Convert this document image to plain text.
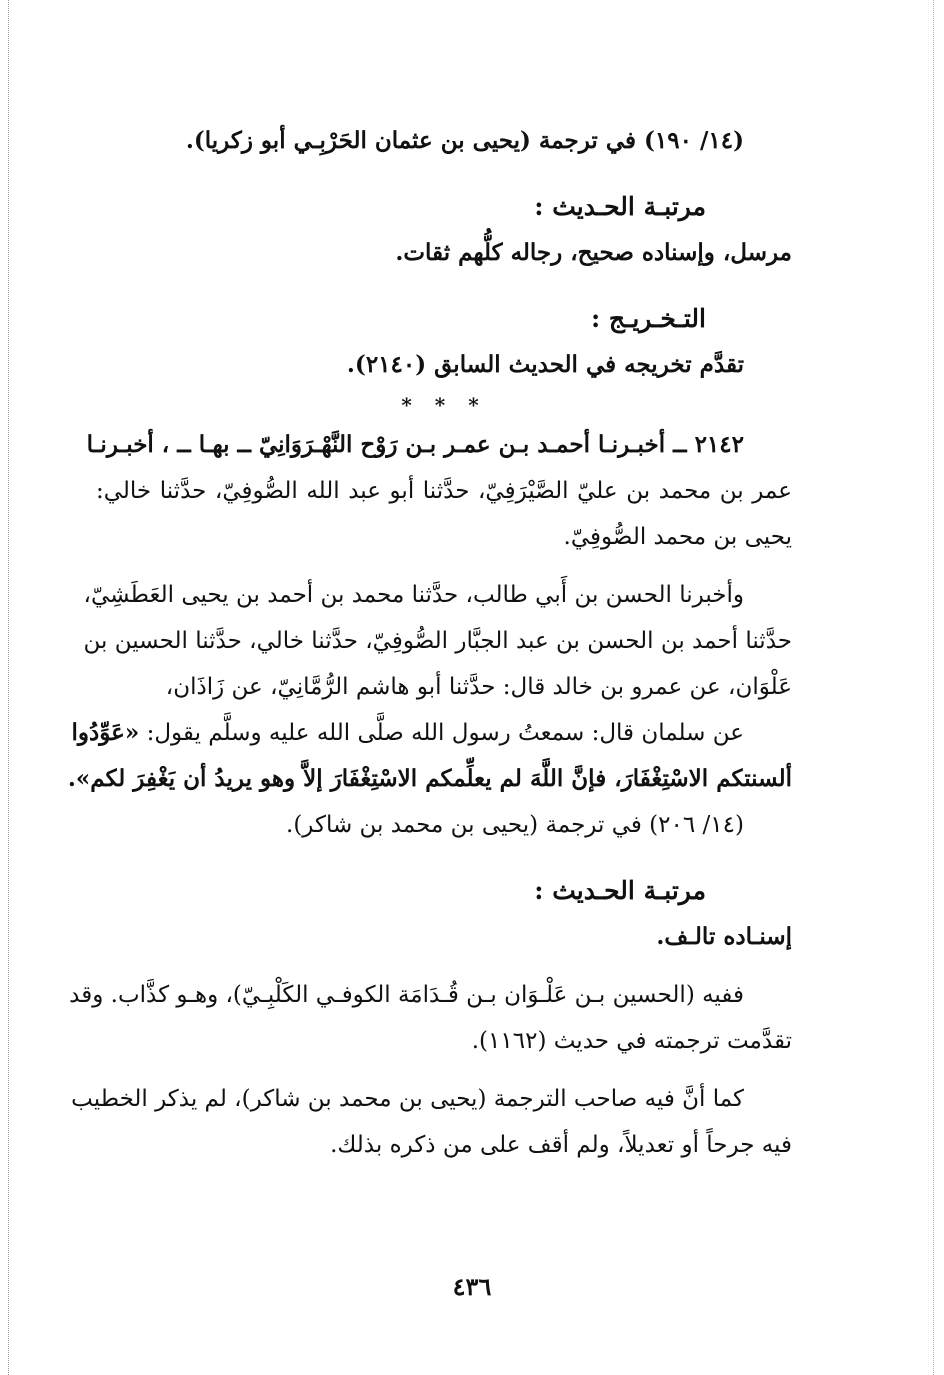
(١٤/ ١٩٠) في ترجمة (يحيى بن عثمان الحَرْبِـي أبو زكريا).
مرتبـة الحـديث :
مرسل، وإسناده صحيح، رجاله كلُّهم ثقات.
التـخـريـج :
تقدَّم تخريجه في الحديث السابق (٢١٤٠).
* * *
٢١٤٢ ــ أخبـرنـا أحمـد بـن عمـر بـن رَوْح النَّهْـرَوَانِيّ ــ بهـا ــ ، أخبـرنـا
عمر بن محمد بن عليّ الصَّيْرَفِيّ، حدَّثنا أبو عبد الله الصُّوفِيّ، حدَّثنا خالي:
يحيى بن محمد الصُّوفِيّ.
وأخبرنا الحسن بن أَبي طالب، حدَّثنا محمد بن أحمد بن يحيى العَطَشِيّ،
حدَّثنا أحمد بن الحسن بن عبد الجبَّار الصُّوفِيّ، حدَّثنا خالي، حدَّثنا الحسين بن
عَلْوَان، عن عمرو بن خالد قال: حدَّثنا أبو هاشم الرُّمَّانِيّ، عن زَاذَان،
عن سلمان قال: سمعتُ رسول الله صلَّى الله عليه وسلَّم يقول: «عَوِّدُوا
ألسنتكم الاسْتِغْفَارَ، فإنَّ اللَّهَ لم يعلِّمكم الاسْتِغْفَارَ إلاَّ وهو يريدُ أن يَغْفِرَ لكم».
(١٤/ ٢٠٦) في ترجمة (يحيى بن محمد بن شاكر).
مرتبـة الحـديث :
إسنـاده تالـف.
ففيه (الحسين بـن عَلْـوَان بـن قُـدَامَة الكوفـي الكَلْبِـيّ)، وهـو كذَّاب. وقد
تقدَّمت ترجمته في حديث (١١٦٢).
كما أنَّ فيه صاحب الترجمة (يحيى بن محمد بن شاكر)، لم يذكر الخطيب
فيه جرحاً أو تعديلاً، ولم أقف على من ذكره بذلك.
٤٣٦
